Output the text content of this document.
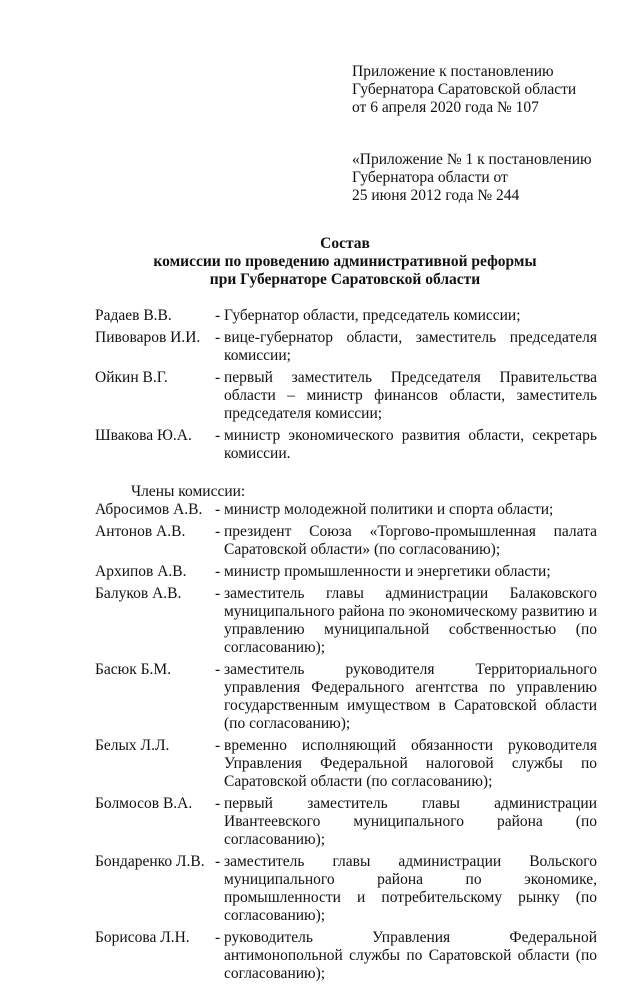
Приложение к постановлению
Губернатора Саратовской области
от 6 апреля 2020 года № 107
«Приложение № 1 к постановлению
Губернатора области от
25 июня 2012 года № 244
Состав
комиссии по проведению административной реформы
при Губернаторе Саратовской области
Радаев В.В.	- Губернатор области, председатель комиссии;
Пивоваров И.И. - вице-губернатор области, заместитель председателя комиссии;
Ойкин В.Г.	- первый заместитель Председателя Правительства области – министр финансов области, заместитель председателя комиссии;
Швакова Ю.А.	- министр экономического развития области, секретарь комиссии.
Члены комиссии:
Абросимов А.В. - министр молодежной политики и спорта области;
Антонов А.В.	- президент Союза «Торгово-промышленная палата Саратовской области» (по согласованию);
Архипов А.В.	- министр промышленности и энергетики области;
Балуков А.В.	- заместитель главы администрации Балаковского муниципального района по экономическому развитию и управлению муниципальной собственностью (по согласованию);
Басюк Б.М.	- заместитель руководителя Территориального управления Федерального агентства по управлению государственным имуществом в Саратовской области (по согласованию);
Белых Л.Л.	- временно исполняющий обязанности руководителя Управления Федеральной налоговой службы по Саратовской области (по согласованию);
Болмосов В.А.	- первый заместитель главы администрации Ивантеевского муниципального района (по согласованию);
Бондаренко Л.В. - заместитель главы администрации Вольского муниципального района по экономике, промышленности и потребительскому рынку (по согласованию);
Борисова Л.Н.	- руководитель Управления Федеральной антимонопольной службы по Саратовской области (по согласованию);
